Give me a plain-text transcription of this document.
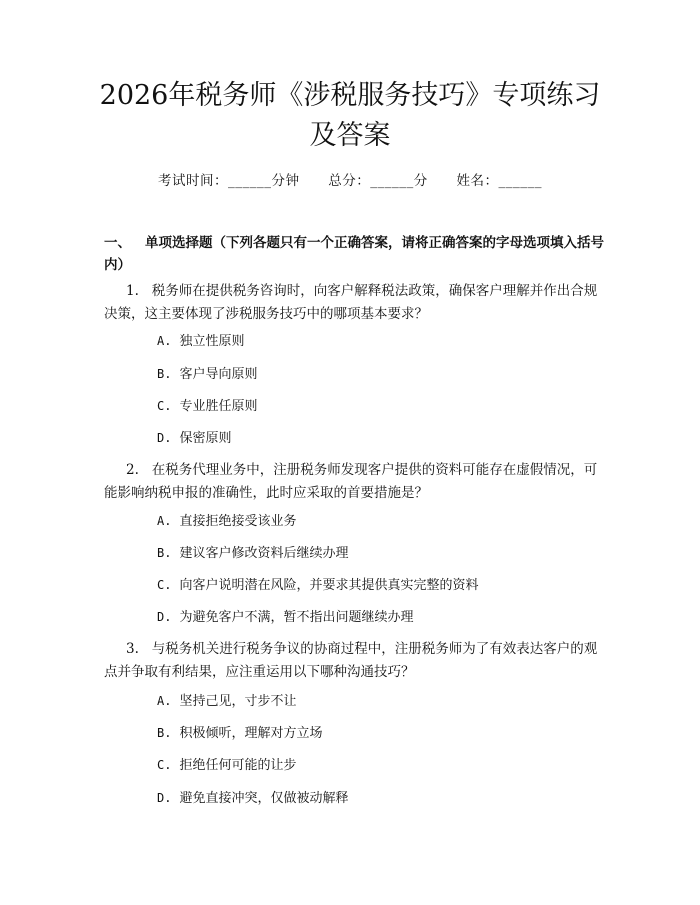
2026年税务师《涉税服务技巧》专项练习及答案
考试时间：______分钟 总分：______分 姓名：______
一、 单项选择题（下列各题只有一个正确答案，请将正确答案的字母选项填入括号内）
1. 税务师在提供税务咨询时，向客户解释税法政策，确保客户理解并作出合规决策，这主要体现了涉税服务技巧中的哪项基本要求？
A. 独立性原则
B. 客户导向原则
C. 专业胜任原则
D. 保密原则
2. 在税务代理业务中，注册税务师发现客户提供的资料可能存在虚假情况，可能影响纳税申报的准确性，此时应采取的首要措施是？
A. 直接拒绝接受该业务
B. 建议客户修改资料后继续办理
C. 向客户说明潜在风险，并要求其提供真实完整的资料
D. 为避免客户不满，暂不指出问题继续办理
3. 与税务机关进行税务争议的协商过程中，注册税务师为了有效表达客户的观点并争取有利结果，应注重运用以下哪种沟通技巧？
A. 坚持己见，寸步不让
B. 积极倾听，理解对方立场
C. 拒绝任何可能的让步
D. 避免直接冲突，仅做被动解释
